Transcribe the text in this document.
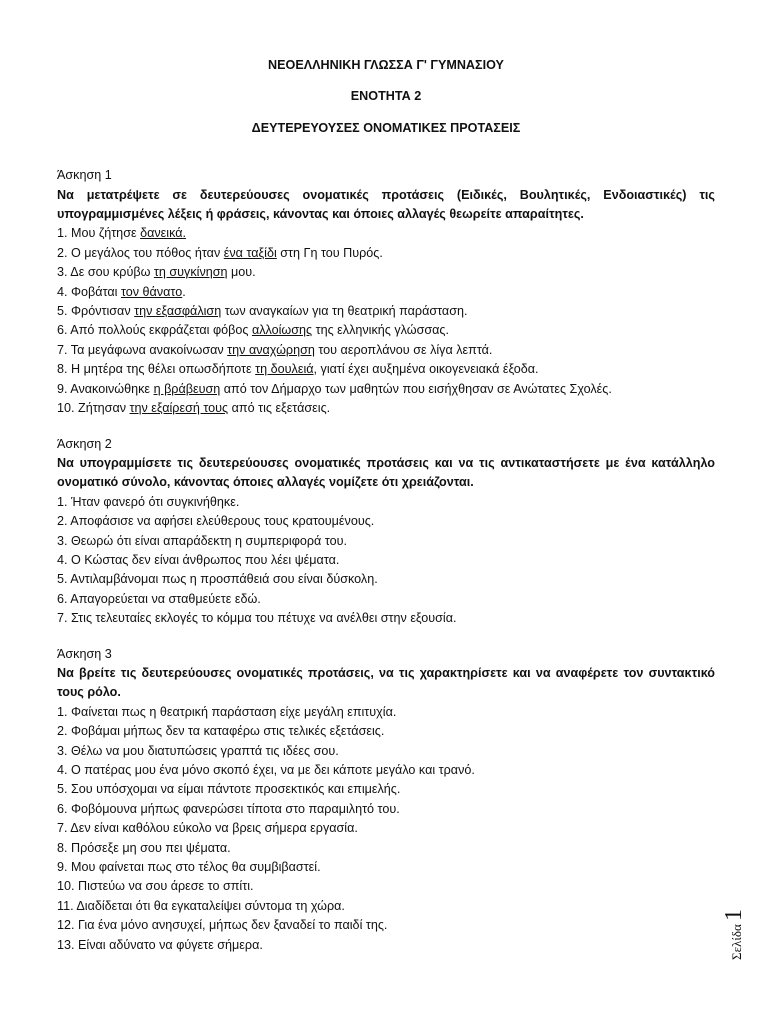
ΝΕΟΕΛΛΗΝΙΚΗ ΓΛΩΣΣΑ Γ' ΓΥΜΝΑΣΙΟΥ

ΕΝΟΤΗΤΑ 2

ΔΕΥΤΕΡΕΥΟΥΣΕΣ ΟΝΟΜΑΤΙΚΕΣ ΠΡΟΤΑΣΕΙΣ

Άσκηση 1

Να μετατρέψετε σε δευτερεύουσες ονοματικές προτάσεις (Ειδικές, Βουλητικές, Ενδοιαστικές) τις υπογραμμισμένες λέξεις ή φράσεις, κάνοντας και όποιες αλλαγές θεωρείτε απαραίτητες.

1. Μου ζήτησε δανεικά.

2. Ο μεγάλος του πόθος ήταν ένα ταξίδι στη Γη του Πυρός.

3. Δε σου κρύβω τη συγκίνηση μου.

4. Φοβάται τον θάνατο.

5. Φρόντισαν την εξασφάλιση των αναγκαίων για τη θεατρική παράσταση.

6. Από πολλούς εκφράζεται φόβος αλλοίωσης της ελληνικής γλώσσας.

7. Τα μεγάφωνα ανακοίνωσαν την αναχώρηση του αεροπλάνου σε λίγα λεπτά.

8. Η μητέρα της θέλει οπωσδήποτε τη δουλειά, γιατί έχει αυξημένα οικογενειακά έξοδα.

9. Ανακοινώθηκε η βράβευση από τον Δήμαρχο των μαθητών που εισήχθησαν σε Ανώτατες Σχολές.

10. Ζήτησαν την εξαίρεσή τους από τις εξετάσεις.

Άσκηση 2

Να υπογραμμίσετε τις δευτερεύουσες ονοματικές προτάσεις και να τις αντικαταστήσετε με ένα κατάλληλο ονοματικό σύνολο, κάνοντας όποιες αλλαγές νομίζετε ότι χρειάζονται.

1. Ήταν φανερό ότι συγκινήθηκε.

2. Αποφάσισε να αφήσει ελεύθερους τους κρατουμένους.

3. Θεωρώ ότι είναι απαράδεκτη η συμπεριφορά του.

4. Ο Κώστας δεν είναι άνθρωπος που λέει ψέματα.

5. Αντιλαμβάνομαι πως η προσπάθειά σου είναι δύσκολη.

6. Απαγορεύεται να σταθμεύετε εδώ.

7. Στις τελευταίες εκλογές το κόμμα του πέτυχε να ανέλθει στην εξουσία.

Άσκηση 3

Να βρείτε τις δευτερεύουσες ονοματικές προτάσεις, να τις χαρακτηρίσετε και να αναφέρετε τον συντακτικό τους ρόλο.

1. Φαίνεται πως η θεατρική παράσταση είχε μεγάλη επιτυχία.

2. Φοβάμαι μήπως δεν τα καταφέρω στις τελικές εξετάσεις.

3. Θέλω να μου διατυπώσεις γραπτά τις ιδέες σου.

4. Ο πατέρας μου ένα μόνο σκοπό έχει, να με δει κάποτε μεγάλο και τρανό.

5. Σου υπόσχομαι να είμαι πάντοτε προσεκτικός και επιμελής.

6. Φοβόμουνα μήπως φανερώσει τίποτα στο παραμιλητό του.

7. Δεν είναι καθόλου εύκολο να βρεις σήμερα εργασία.

8. Πρόσεξε μη σου πει ψέματα.

9. Μου φαίνεται πως στο τέλος θα συμβιβαστεί.

10. Πιστεύω να σου άρεσε το σπίτι.

11. Διαδίδεται ότι θα εγκαταλείψει σύντομα τη χώρα.

12. Για ένα μόνο ανησυχεί, μήπως δεν ξαναδεί το παιδί της.

13. Είναι αδύνατο να φύγετε σήμερα.	Σελίδα 1
